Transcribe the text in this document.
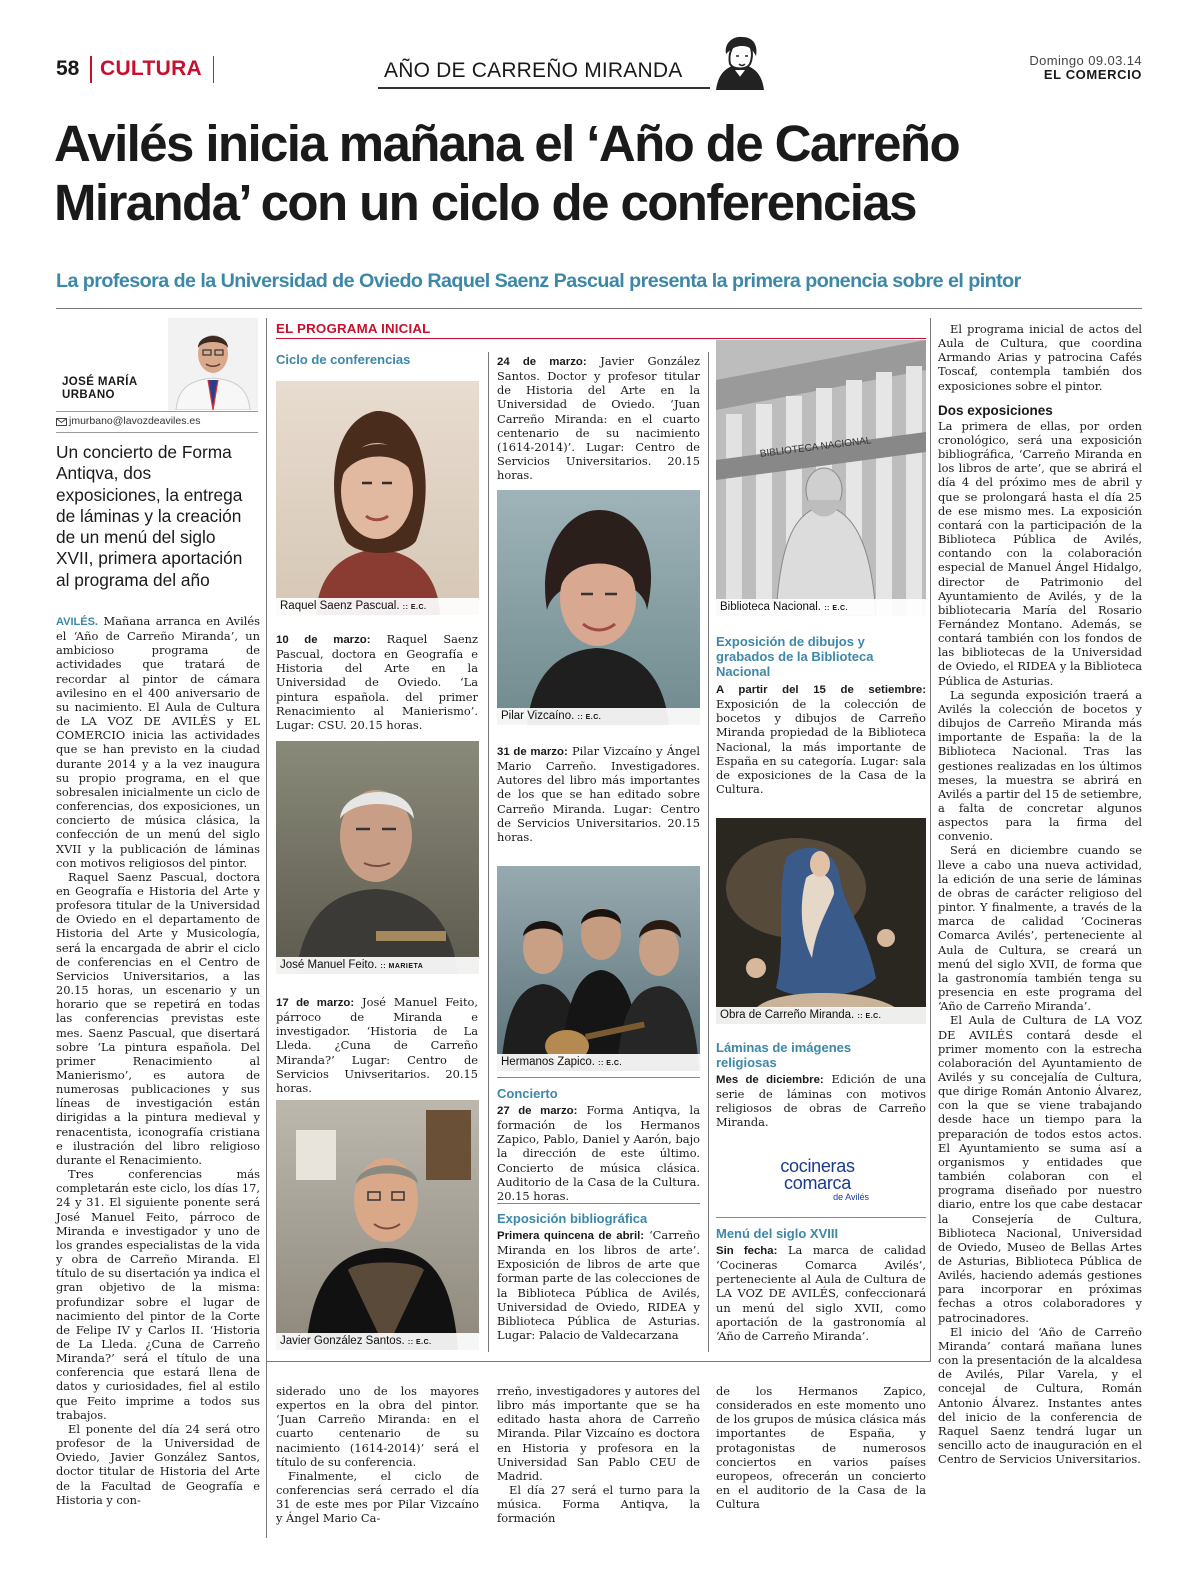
58 CULTURA	AÑO DE CARREÑO MIRANDA	Domingo 09.03.14
EL COMERCIO
Avilés inicia mañana el ‘Año de Carreño
Miranda’ con un ciclo de conferencias
La profesora de la Universidad de Oviedo Raquel Saenz Pascual presenta la primera ponencia sobre el pintor
JOSÉ MARÍA
URBANO
jmurbano@lavozdeaviles.es
Un concierto de Forma Antiqva, dos exposiciones, la entrega de láminas y la creación de un menú del siglo XVII, primera aportación al programa del año

AVILÉS. Mañana arranca en Avilés el ‘Año de Carreño Miranda’, un ambicioso programa de actividades que tratará de recordar al pintor de cámara avilesino en el 400 aniversario de su nacimiento. El Aula de Cultura de LA VOZ DE AVILÉS y EL COMERCIO inicia las actividades que se han previsto en la ciudad durante 2014 y a la vez inaugura su propio programa, en el que sobresalen inicialmente un ciclo de conferencias, dos exposiciones, un concierto de música clásica, la confección de un menú del siglo XVII y la publicación de láminas con motivos religiosos del pintor.

Raquel Saenz Pascual, doctora en Geografía e Historia del Arte y profesora titular de la Universidad de Oviedo en el departamento de Historia del Arte y Musicología, será la encargada de abrir el ciclo de conferencias en el Centro de Servicios Universitarios, a las 20.15 horas, un escenario y un horario que se repetirá en todas las conferencias previstas este mes. Saenz Pascual, que disertará sobre ‘La pintura española. Del primer Renacimiento al Manierismo’, es autora de numerosas publicaciones y sus líneas de investigación están dirigidas a la pintura medieval y renacentista, iconografía cristiana e ilustración del libro religioso durante el Renacimiento.

Tres conferencias más completarán este ciclo, los días 17, 24 y 31. El siguiente ponente será José Manuel Feito, párroco de Miranda e investigador y uno de los grandes especialistas de la vida y obra de Carreño Miranda. El título de su disertación ya indica el gran objetivo de la misma: profundizar sobre el lugar de nacimiento del pintor de la Corte de Felipe IV y Carlos II. ‘Historia de La Lleda. ¿Cuna de Carreño Miranda?’ será el título de una conferencia que estará llena de datos y curiosidades, fiel al estilo que Feito imprime a todos sus trabajos.

El ponente del día 24 será otro profesor de la Universidad de Oviedo, Javier González Santos, doctor titular de Historia del Arte de la Facultad de Geografía e Historia y con-

EL PROGRAMA INICIAL
Ciclo de conferencias
Raquel Saenz Pascual. :: E.C.
10 de marzo: Raquel Saenz Pascual, doctora en Geografía e Historia del Arte en la Universidad de Oviedo. ‘La pintura española. del primer Renacimiento al Manierismo’. Lugar: CSU. 20.15 horas.
José Manuel Feito. :: MARIETA
17 de marzo: José Manuel Feito, párroco de Miranda e investigador. ‘Historia de La Lleda. ¿Cuna de Carreño Miranda?’ Lugar: Centro de Servicios Univseritarios. 20.15 horas.
Javier González Santos. :: E.C.
24 de marzo: Javier González Santos. Doctor y profesor titular de Historia del Arte en la Universidad de Oviedo. ‘Juan Carreño Miranda: en el cuarto centenario de su nacimiento (1614-2014)’. Lugar: Centro de Servicios Universitarios. 20.15 horas.
Pilar Vizcaíno. :: E.C.
31 de marzo: Pilar Vizcaíno y Ángel Mario Carreño. Investigadores. Autores del libro más importantes de los que se han editado sobre Carreño Miranda. Lugar: Centro de Servicios Universitarios. 20.15 horas.
Hermanos Zapico. :: E.C.
Concierto
27 de marzo: Forma Antiqva, la formación de los Hermanos Zapico, Pablo, Daniel y Aarón, bajo la dirección de este último. Concierto de música clásica. Auditorio de la Casa de la Cultura. 20.15 horas.
Exposición bibliográfica
Primera quincena de abril: ‘Carreño Miranda en los libros de arte’. Exposición de libros de arte que forman parte de las colecciones de la Biblioteca Pública de Avilés, Universidad de Oviedo, RIDEA y Biblioteca Pública de Asturias. Lugar: Palacio de Valdecarzana
BIBLIOTECA NACIONAL
Biblioteca Nacional. :: E.C.
Exposición de dibujos y grabados de la Biblioteca Nacional
A partir del 15 de setiembre: Exposición de la colección de bocetos y dibujos de Carreño Miranda propiedad de la Biblioteca Nacional, la más importante de España en su categoría. Lugar: sala de exposiciones de la Casa de la Cultura.
Obra de Carreño Miranda. :: E.C.
Láminas de imágenes religiosas
Mes de diciembre: Edición de una serie de láminas con motivos religiosos de obras de Carreño Miranda.
cocineras
comarca
de Avilés
Menú del siglo XVIII
Sin fecha: La marca de calidad ‘Cocineras Comarca Avilés’, perteneciente al Aula de Cultura de LA VOZ DE AVILÉS, confeccionará un menú del siglo XVII, como aportación de la gastronomía al ‘Año de Carreño Miranda’.

siderado uno de los mayores expertos en la obra del pintor. ‘Juan Carreño Miranda: en el cuarto centenario de su nacimiento (1614-2014)’ será el título de su conferencia.

Finalmente, el ciclo de conferencias será cerrado el día 31 de este mes por Pilar Vizcaíno y Ángel Mario Ca-

rreño, investigadores y autores del libro más importante que se ha editado hasta ahora de Carreño Miranda. Pilar Vizcaíno es doctora en Historia y profesora en la Universidad San Pablo CEU de Madrid.

El día 27 será el turno para la música. Forma Antiqva, la formación

de los Hermanos Zapico, considerados en este momento uno de los grupos de música clásica más importantes de España, y protagonistas de numerosos conciertos en varios países europeos, ofrecerán un concierto en el auditorio de la Casa de la Cultura

El programa inicial de actos del Aula de Cultura, que coordina Armando Arias y patrocina Cafés Toscaf, contempla también dos exposiciones sobre el pintor.

Dos exposiciones

La primera de ellas, por orden cronológico, será una exposición bibliográfica, ‘Carreño Miranda en los libros de arte’, que se abrirá el día 4 del próximo mes de abril y que se prolongará hasta el día 25 de ese mismo mes. La exposición contará con la participación de la Biblioteca Pública de Avilés, contando con la colaboración especial de Manuel Ángel Hidalgo, director de Patrimonio del Ayuntamiento de Avilés, y de la bibliotecaria María del Rosario Fernández Montano. Además, se contará también con los fondos de las bibliotecas de la Universidad de Oviedo, el RIDEA y la Biblioteca Pública de Asturias.

La segunda exposición traerá a Avilés la colección de bocetos y dibujos de Carreño Miranda más importante de España: la de la Biblioteca Nacional. Tras las gestiones realizadas en los últimos meses, la muestra se abrirá en Avilés a partir del 15 de setiembre, a falta de concretar algunos aspectos para la firma del convenio.

Será en diciembre cuando se lleve a cabo una nueva actividad, la edición de una serie de láminas de obras de carácter religioso del pintor. Y finalmente, a través de la marca de calidad ‘Cocineras Comarca Avilés’, perteneciente al Aula de Cultura, se creará un menú del siglo XVII, de forma que la gastronomía también tenga su presencia en este programa del ‘Año de Carreño Miranda’.

El Aula de Cultura de LA VOZ DE AVILÉS contará desde el primer momento con la estrecha colaboración del Ayuntamiento de Avilés y su concejalía de Cultura, que dirige Román Antonio Álvarez, con la que se viene trabajando desde hace un tiempo para la preparación de todos estos actos. El Ayuntamiento se suma así a organismos y entidades que también colaboran con el programa diseñado por nuestro diario, entre los que cabe destacar la Consejería de Cultura, Biblioteca Nacional, Universidad de Oviedo, Museo de Bellas Artes de Asturias, Biblioteca Pública de Avilés, haciendo además gestiones para incorporar en próximas fechas a otros colaboradores y patrocinadores.

El inicio del ‘Año de Carreño Miranda’ contará mañana lunes con la presentación de la alcaldesa de Avilés, Pilar Varela, y el concejal de Cultura, Román Antonio Álvarez. Instantes antes del inicio de la conferencia de Raquel Saenz tendrá lugar un sencillo acto de inauguración en el Centro de Servicios Universitarios.
